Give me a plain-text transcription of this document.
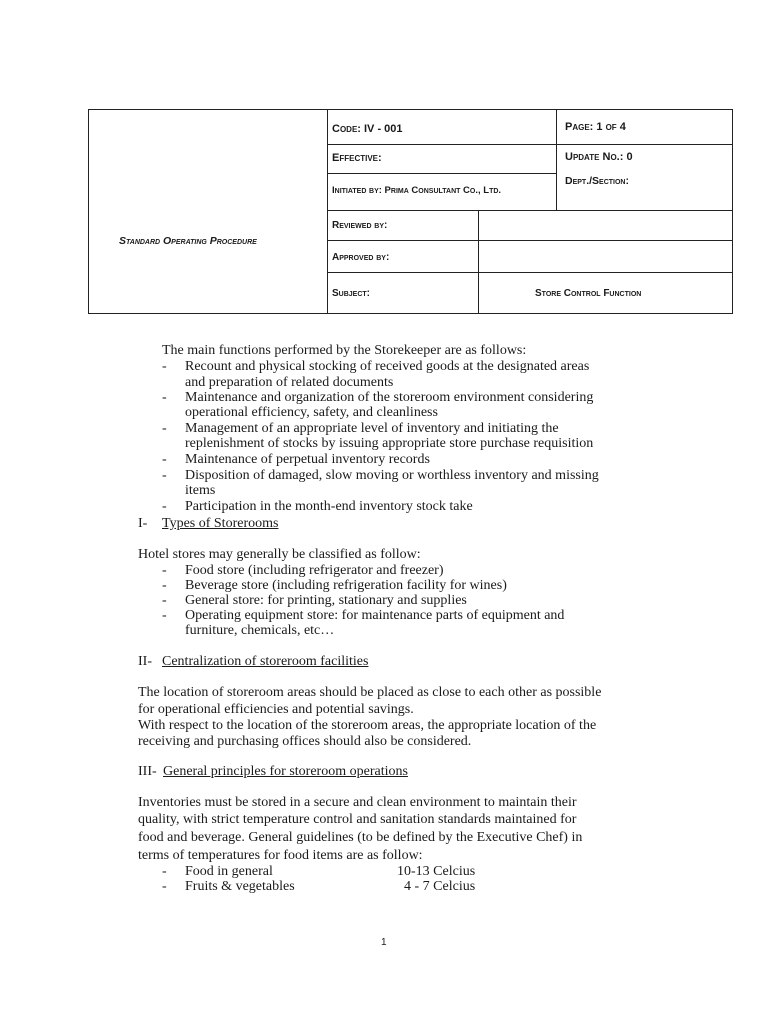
Standard Operating Procedure
Code: IV - 001	Page: 1 of 4
Effective:	Update No.: 0
Dept./Section:
Initiated by: Prima Consultant Co., Ltd.
Reviewed by:
Approved by:
Subject:	Store Control Function
The main functions performed by the Storekeeper are as follows:
- Recount and physical stocking of received goods at the designated areas
and preparation of related documents
- Maintenance and organization of the storeroom environment considering
operational efficiency, safety, and cleanliness
- Management of an appropriate level of inventory and initiating the
replenishment of stocks by issuing appropriate store purchase requisition
- Maintenance of perpetual inventory records
- Disposition of damaged, slow moving or worthless inventory and missing
items
- Participation in the month-end inventory stock take
I- Types of Storerooms
Hotel stores may generally be classified as follow:
- Food store (including refrigerator and freezer)
- Beverage store (including refrigeration facility for wines)
- General store: for printing, stationary and supplies
- Operating equipment store: for maintenance parts of equipment and
furniture, chemicals, etc…
II- Centralization of storeroom facilities
The location of storeroom areas should be placed as close to each other as possible
for operational efficiencies and potential savings.
With respect to the location of the storeroom areas, the appropriate location of the
receiving and purchasing offices should also be considered.
III- General principles for storeroom operations
Inventories must be stored in a secure and clean environment to maintain their
quality, with strict temperature control and sanitation standards maintained for
food and beverage. General guidelines (to be defined by the Executive Chef) in
terms of temperatures for food items are as follow:
- Food in general	10-13 Celcius
- Fruits & vegetables	4 - 7 Celcius
1
